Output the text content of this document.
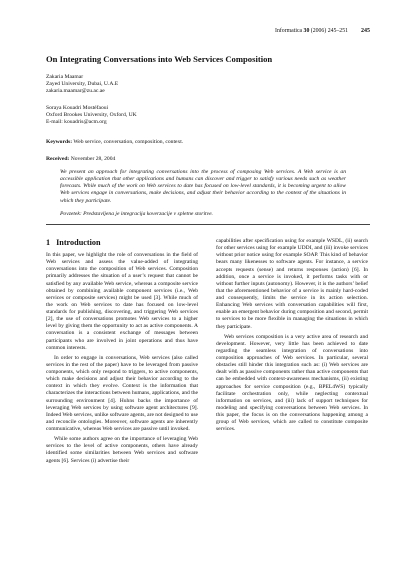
Informatica 30 (2006) 245–251 245
On Integrating Conversations into Web Services Composition
Zakaria Maamar
Zayed University, Dubai, U.A.E
zakaria.maamar@zu.ac.ae
Soraya Kouadri Mostéfaoui
Oxford Brookes University, Oxford, UK
E-mail: kouadris@acm.org
Keywords: Web service, conversation, composition, context.
Received: November 28, 2004

We present an approach for integrating conversations into the process of composing Web services. A Web service is an accessible application that other applications and humans can discover and trigger to satisfy various needs such as weather forecasts. While much of the work on Web services to date has focused on low-level standards, it is becoming urgent to allow Web services engage in conversations, make decisions, and adjust their behavior according to the context of the situations in which they participate.

Povzetek: Predstavljena je integracija koverzacije v spletne storitve.

1 Introduction

In this paper, we highlight the role of conversations in the field of Web services and assess the value-added of integrating conversations into the composition of Web services. Composition primarily addresses the situation of a user’s request that cannot be satisfied by any available Web service, whereas a composite service obtained by combining available component services (i.e., Web services or composite services) might be used [3]. While much of the work on Web services to date has focused on low-level standards for publishing, discovering, and triggering Web services [2], the use of conversations promotes Web services to a higher level by giving them the opportunity to act as active components. A conversation is a consistent exchange of messages between participants who are involved in joint operations and thus have common interests.

In order to engage in conversations, Web services (also called services in the rest of the paper) have to be leveraged from passive components, which only respond to triggers, to active components, which make decisions and adjust their behavior according to the context in which they evolve. Context is the information that characterizes the interactions between humans, applications, and the surrounding environment [4]. Huhns backs the importance of leveraging Web services by using software agent architectures [9]. Indeed Web services, unlike software agents, are not designed to use and reconcile ontologies. Moreover, software agents are inherently communicative, whereas Web services are passive until invoked.

While some authors agree on the importance of leveraging Web services to the level of active components, others have already identified some similarities between Web services and software agents [6]. Services (i) advertise their

capabilities after specification using for example WSDL, (ii) search for other services using for example UDDI, and (iii) invoke services without prior notice using for example SOAP. This kind of behavior bears many likenesses to software agents. For instance, a service accepts requests (sense) and returns responses (action) [6]. In addition, once a service is invoked, it performs tasks with or without further inputs (autonomy). However, it is the authors’ belief that the aforementioned behavior of a service is mainly hard-coded and consequently, limits the service in its action selection. Enhancing Web services with conversation capabilities will first, enable an emergent behavior during composition and second, permit to services to be more flexible in managing the situations in which they participate.

Web services composition is a very active area of research and development. However, very little has been achieved to date regarding the seamless integration of conversations into composition approaches of Web services. In particular, several obstacles still hinder this integration such as: (i) Web services are dealt with as passive components rather than active components that can be embedded with context-awareness mechanisms, (ii) existing approaches for service composition (e.g., BPEL4WS) typically facilitate orchestration only, while neglecting contextual information on services, and (iii) lack of support techniques for modeling and specifying conversations between Web services. In this paper, the focus is on the conversations happening among a group of Web services, which are called to constitute composite services.
